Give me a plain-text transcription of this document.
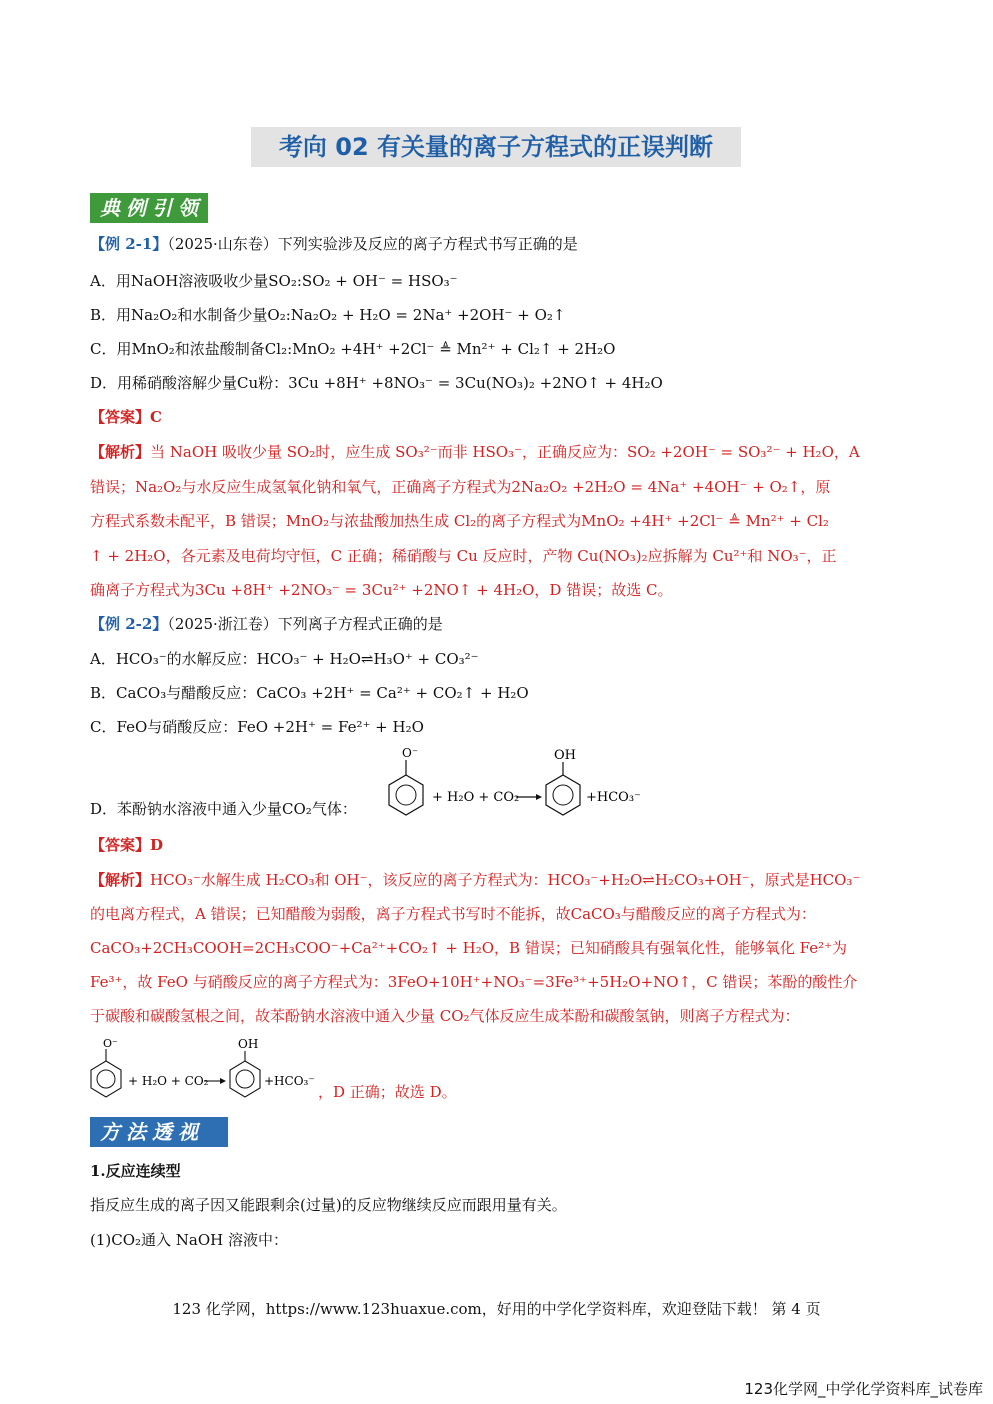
考向 02 有关量的离子方程式的正误判断
典例引领
【例 2-1】（2025·山东卷）下列实验涉及反应的离子方程式书写正确的是
A．用NaOH溶液吸收少量SO₂:SO₂ + OH⁻ = HSO₃⁻
B．用Na₂O₂和水制备少量O₂:Na₂O₂ + H₂O = 2Na⁺ +2OH⁻ + O₂↑
C．用MnO₂和浓盐酸制备Cl₂:MnO₂ +4H⁺ +2Cl⁻ ≜ Mn²⁺ + Cl₂↑ + 2H₂O
D．用稀硝酸溶解少量Cu粉：3Cu +8H⁺ +8NO₃⁻ = 3Cu(NO₃)₂ +2NO↑ + 4H₂O
【答案】C
【解析】当 NaOH 吸收少量 SO₂时，应生成 SO₃²⁻而非 HSO₃⁻，正确反应为：SO₂ +2OH⁻ = SO₃²⁻ + H₂O，A
错误；Na₂O₂与水反应生成氢氧化钠和氧气，正确离子方程式为2Na₂O₂ +2H₂O = 4Na⁺ +4OH⁻ + O₂↑，原
方程式系数未配平，B 错误；MnO₂与浓盐酸加热生成 Cl₂的离子方程式为MnO₂ +4H⁺ +2Cl⁻ ≜ Mn²⁺ + Cl₂
↑ + 2H₂O，各元素及电荷均守恒，C 正确；稀硝酸与 Cu 反应时，产物 Cu(NO₃)₂应拆解为 Cu²⁺和 NO₃⁻，正
确离子方程式为3Cu +8H⁺ +2NO₃⁻ = 3Cu²⁺ +2NO↑ + 4H₂O，D 错误；故选 C。
【例 2-2】（2025·浙江卷）下列离子方程式正确的是
A．HCO₃⁻的水解反应：HCO₃⁻ + H₂O⇌H₃O⁺ + CO₃²⁻
B．CaCO₃与醋酸反应：CaCO₃ +2H⁺ = Ca²⁺ + CO₂↑ + H₂O
C．FeO与硝酸反应：FeO +2H⁺ = Fe²⁺ + H₂O
D．苯酚钠水溶液中通入少量CO₂气体：
O⁻
+ H₂O + CO₂
OH
+HCO₃⁻
【答案】D
【解析】HCO₃⁻水解生成 H₂CO₃和 OH⁻，该反应的离子方程式为：HCO₃⁻+H₂O⇌H₂CO₃+OH⁻，原式是HCO₃⁻
的电离方程式，A 错误；已知醋酸为弱酸，离子方程式书写时不能拆，故CaCO₃与醋酸反应的离子方程式为：
CaCO₃+2CH₃COOH=2CH₃COO⁻+Ca²⁺+CO₂↑ + H₂O，B 错误；已知硝酸具有强氧化性，能够氧化 Fe²⁺为
Fe³⁺，故 FeO 与硝酸反应的离子方程式为：3FeO+10H⁺+NO₃⁻=3Fe³⁺+5H₂O+NO↑，C 错误；苯酚的酸性介
于碳酸和碳酸氢根之间，故苯酚钠水溶液中通入少量 CO₂气体反应生成苯酚和碳酸氢钠，则离子方程式为：
O⁻
+ H₂O + CO₂
OH
+HCO₃⁻
，D 正确；故选 D。
方法透视
1.反应连续型
指反应生成的离子因又能跟剩余(过量)的反应物继续反应而跟用量有关。
(1)CO₂通入 NaOH 溶液中：
123 化学网，https://www.123huaxue.com，好用的中学化学资料库，欢迎登陆下载！ 第 4 页
123化学网_中学化学资料库_试卷库
